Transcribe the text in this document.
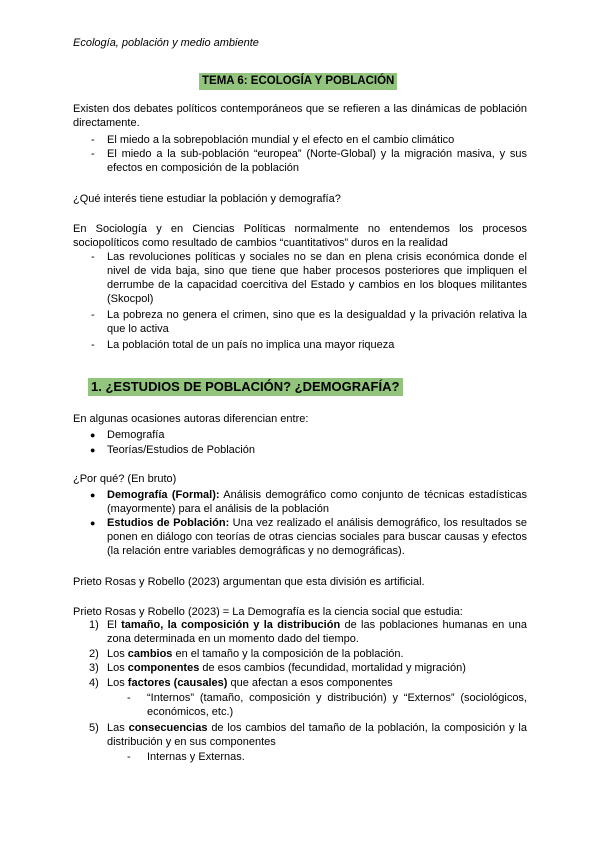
Ecología, población y medio ambiente
TEMA 6: ECOLOGÍA Y POBLACIÓN
Existen dos debates políticos contemporáneos que se refieren a las dinámicas de población directamente.
-	El miedo a la sobrepoblación mundial y el efecto en el cambio climático
-	El miedo a la sub-población “europea” (Norte-Global) y la migración masiva, y sus efectos en composición de la población
¿Qué interés tiene estudiar la población y demografía?
En Sociología y en Ciencias Políticas normalmente no entendemos los procesos sociopolíticos como resultado de cambios “cuantitativos” duros en la realidad
-	Las revoluciones políticas y sociales no se dan en plena crisis económica donde el nivel de vida baja, sino que tiene que haber procesos posteriores que impliquen el derrumbe de la capacidad coercitiva del Estado y cambios en los bloques militantes (Skocpol)
-	La pobreza no genera el crimen, sino que es la desigualdad y la privación relativa la que lo activa
-	La población total de un país no implica una mayor riqueza
1. ¿ESTUDIOS DE POBLACIÓN? ¿DEMOGRAFÍA?
En algunas ocasiones autoras diferencian entre:
●	Demografía
●	Teorías/Estudios de Población
¿Por qué? (En bruto)
●	Demografía (Formal): Análisis demográfico como conjunto de técnicas estadísticas (mayormente) para el análisis de la población
●	Estudios de Población: Una vez realizado el análisis demográfico, los resultados se ponen en diálogo con teorías de otras ciencias sociales para buscar causas y efectos (la relación entre variables demográficas y no demográficas).
Prieto Rosas y Robello (2023) argumentan que esta división es artificial.
Prieto Rosas y Robello (2023) = La Demografía es la ciencia social que estudia:
1) El tamaño, la composición y la distribución de las poblaciones humanas en una zona determinada en un momento dado del tiempo.
2) Los cambios en el tamaño y la composición de la población.
3) Los componentes de esos cambios (fecundidad, mortalidad y migración)
4) Los factores (causales) que afectan a esos componentes
-	“Internos” (tamaño, composición y distribución) y “Externos” (sociológicos, económicos, etc.)
5) Las consecuencias de los cambios del tamaño de la población, la composición y la distribución y en sus componentes
-	Internas y Externas.
